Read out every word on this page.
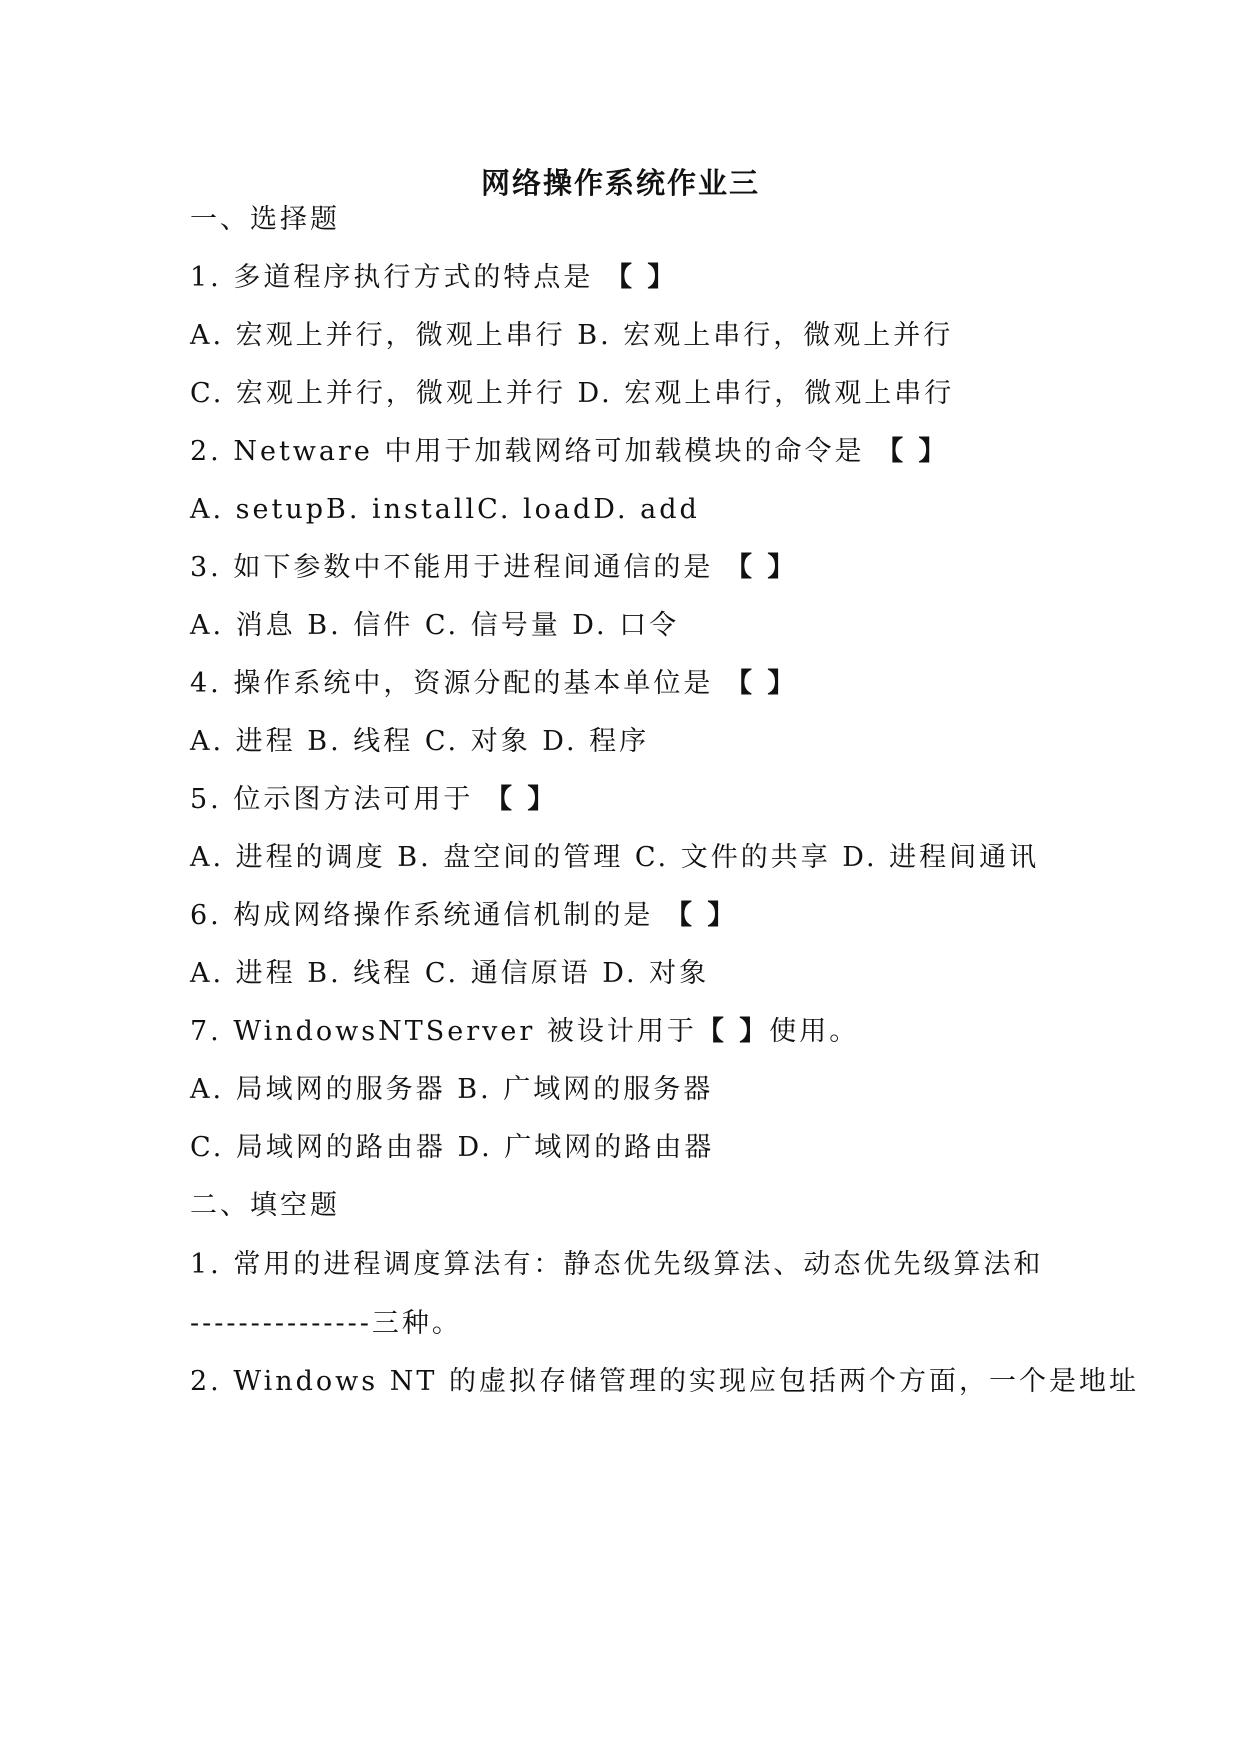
网络操作系统作业三
一、选择题
1. 多道程序执行方式的特点是 【 】
A. 宏观上并行，微观上串行 B. 宏观上串行，微观上并行
C. 宏观上并行，微观上并行 D. 宏观上串行，微观上串行
2. Netware 中用于加载网络可加载模块的命令是 【 】
A. setupB. installC. loadD. add
3. 如下参数中不能用于进程间通信的是 【 】
A. 消息 B. 信件 C. 信号量 D. 口令
4. 操作系统中，资源分配的基本单位是 【 】
A. 进程 B. 线程 C. 对象 D. 程序
5. 位示图方法可用于 【 】
A. 进程的调度 B. 盘空间的管理 C. 文件的共享 D. 进程间通讯
6. 构成网络操作系统通信机制的是 【 】
A. 进程 B. 线程 C. 通信原语 D. 对象
7. WindowsNTServer 被设计用于【 】使用。
A. 局域网的服务器 B. 广域网的服务器
C. 局域网的路由器 D. 广域网的路由器
二、填空题
1. 常用的进程调度算法有：静态优先级算法、动态优先级算法和
---------------三种。
2. Windows NT 的虚拟存储管理的实现应包括两个方面，一个是地址
